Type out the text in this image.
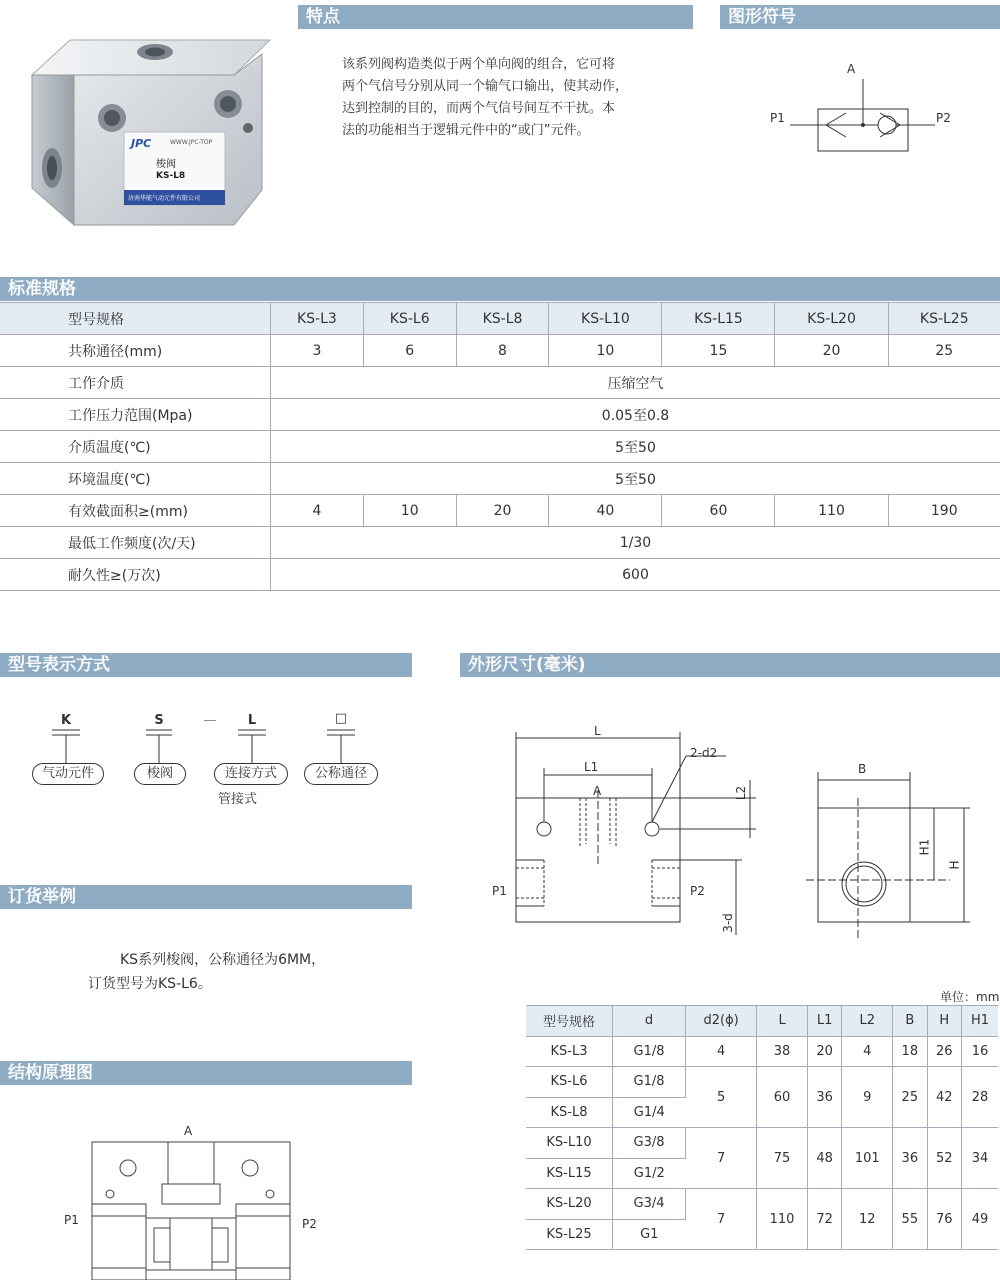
JPC	WWW.JPC-TOP
梭阀
KS-L8
济南华能气动元件有限公司
特点
该系列阀构造类似于两个单向阀的组合，它可将
两个气信号分别从同一个输气口输出，使其动作，
达到控制的目的，而两个气信号间互不干扰。本
法的功能相当于逻辑元件中的“或门”元件。
图形符号
A
P1	P2
标准规格
型号规格	KS-L3	KS-L6	KS-L8	KS-L10	KS-L15	KS-L20	KS-L25
共称通径(mm)	3	6	8	10	15	20	25
工作介质	压缩空气						
工作压力范围(Mpa)	0.05至0.8						
介质温度(℃)	5至50						
环境温度(℃)	5至50						
有效截面积≥(mm)	4	10	20	40	60	110	190
最低工作频度(次/天)	1/30						
耐久性≥(万次)	600						
型号表示方式
K	S	—	L	□
气动元件	梭阀	连接方式	公称通径
管接式
订货举例
KS系列梭阀，公称通径为6MM，
订货型号为KS-L6。
外形尺寸(毫米)
L
L1
2-d2
A	L2
P1	P2
3-d
B
H1
H
单位：mm
型号规格	d	d2(ɸ)	L	L1	L2	B	H	H1
KS-L3	G1/8	4	38	20	4	18	26	16
KS-L6	G1/8	5	60	36	9	25	42	28
KS-L8	G1/4							
KS-L10	G3/8	7	75	48	101	36	52	34
KS-L15	G1/2							
KS-L20	G3/4	7	110	72	12	55	76	49
KS-L25	G1							
结构原理图
A
P1	P2
